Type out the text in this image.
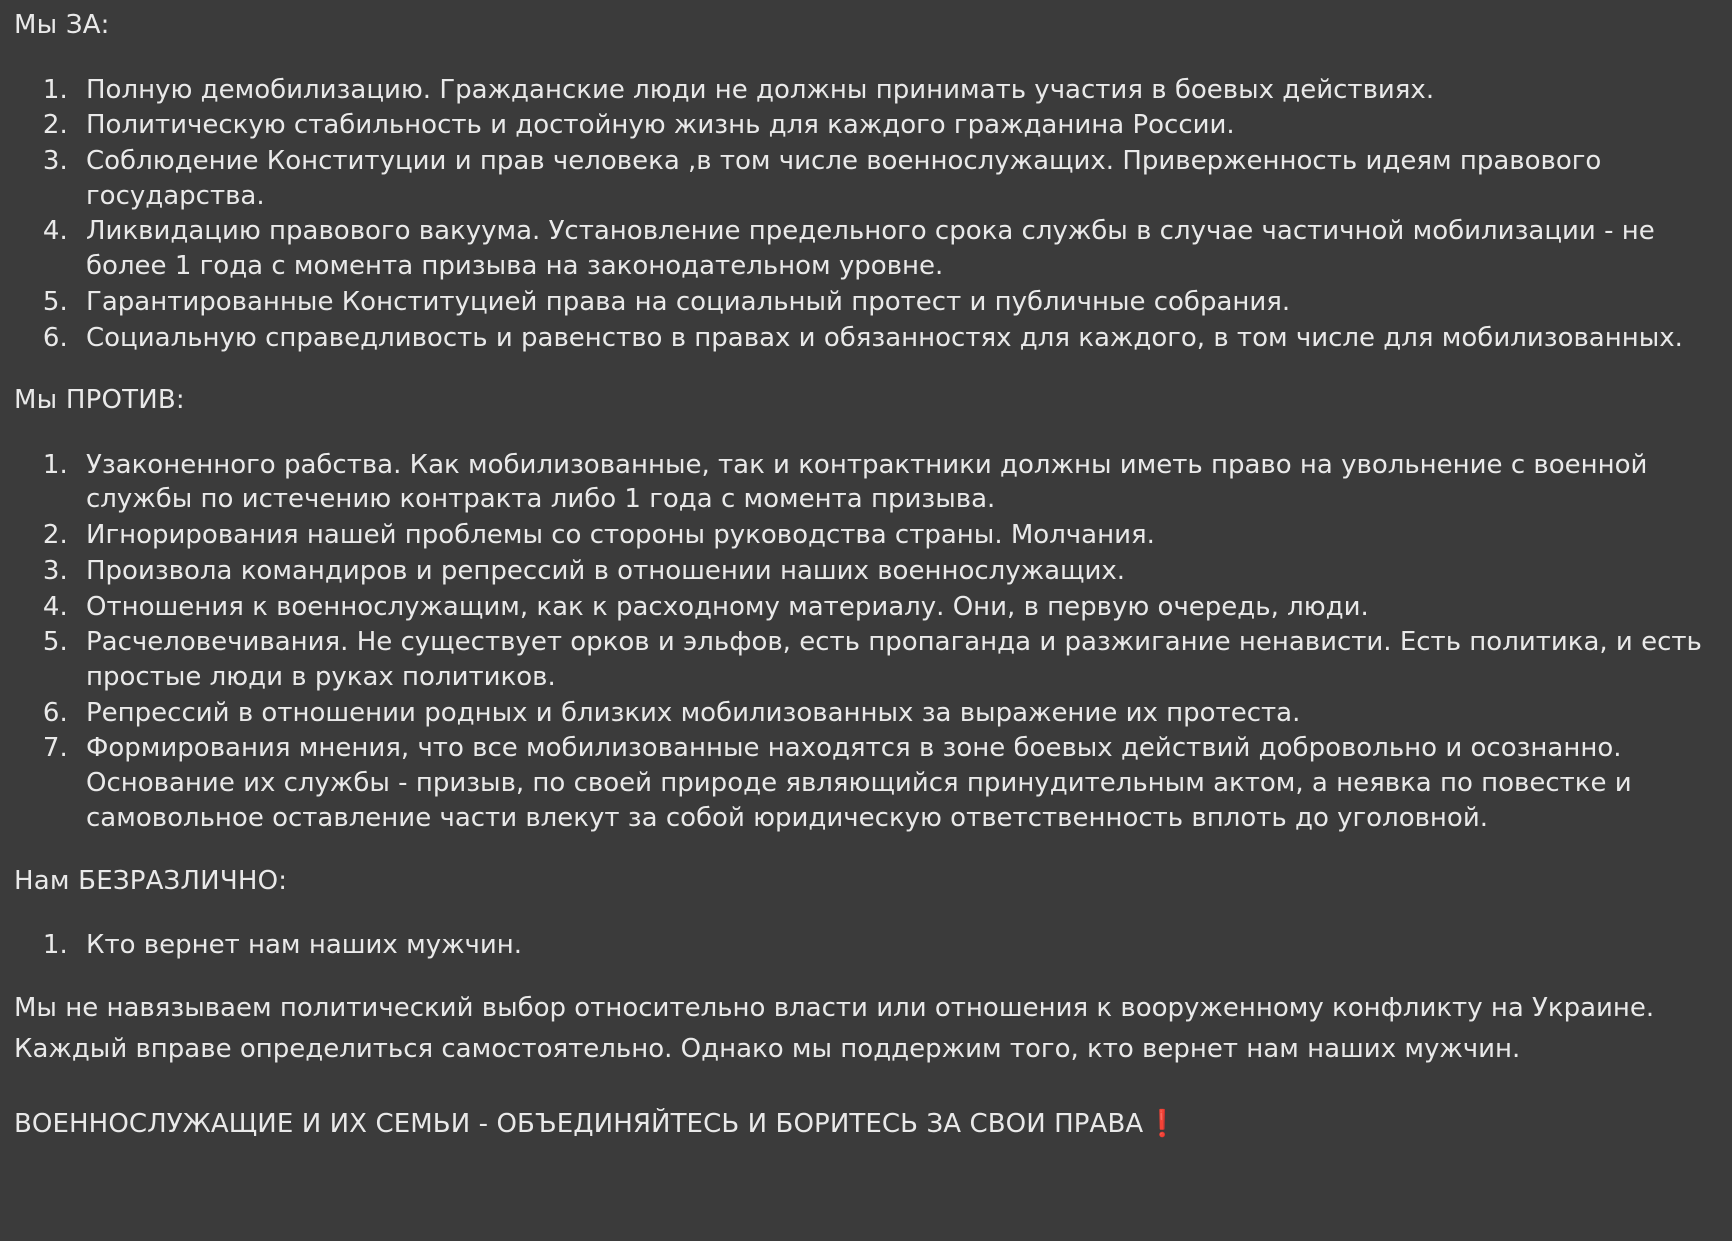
Мы ЗА:

1. Полную демобилизацию. Гражданские люди не должны принимать участия в боевых действиях.
2. Политическую стабильность и достойную жизнь для каждого гражданина России.
3. Соблюдение Конституции и прав человека ,в том числе военнослужащих. Приверженность идеям правового государства.
4. Ликвидацию правового вакуума. Установление предельного срока службы в случае частичной мобилизации - не более 1 года с момента призыва на законодательном уровне.
5. Гарантированные Конституцией права на социальный протест и публичные собрания.
6. Социальную справедливость и равенство в правах и обязанностях для каждого, в том числе для мобилизованных.

Мы ПРОТИВ:

1. Узаконенного рабства. Как мобилизованные, так и контрактники должны иметь право на увольнение с военной службы по истечению контракта либо 1 года с момента призыва.
2. Игнорирования нашей проблемы со стороны руководства страны. Молчания.
3. Произвола командиров и репрессий в отношении наших военнослужащих.
4. Отношения к военнослужащим, как к расходному материалу. Они, в первую очередь, люди.
5. Расчеловечивания. Не существует орков и эльфов, есть пропаганда и разжигание ненависти. Есть политика, и есть простые люди в руках политиков.
6. Репрессий в отношении родных и близких мобилизованных за выражение их протеста.
7. Формирования мнения, что все мобилизованные находятся в зоне боевых действий добровольно и осознанно. Основание их службы - призыв, по своей природе являющийся принудительным актом, а неявка по повестке и самовольное оставление части влекут за собой юридическую ответственность вплоть до уголовной.

Нам БЕЗРАЗЛИЧНО:

1. Кто вернет нам наших мужчин.

Мы не навязываем политический выбор относительно власти или отношения к вооруженному конфликту на Украине.

Каждый вправе определиться самостоятельно. Однако мы поддержим того, кто вернет нам наших мужчин.

ВОЕННОСЛУЖАЩИЕ И ИХ СЕМЬИ - ОБЪЕДИНЯЙТЕСЬ И БОРИТЕСЬ ЗА СВОИ ПРАВА ❗
